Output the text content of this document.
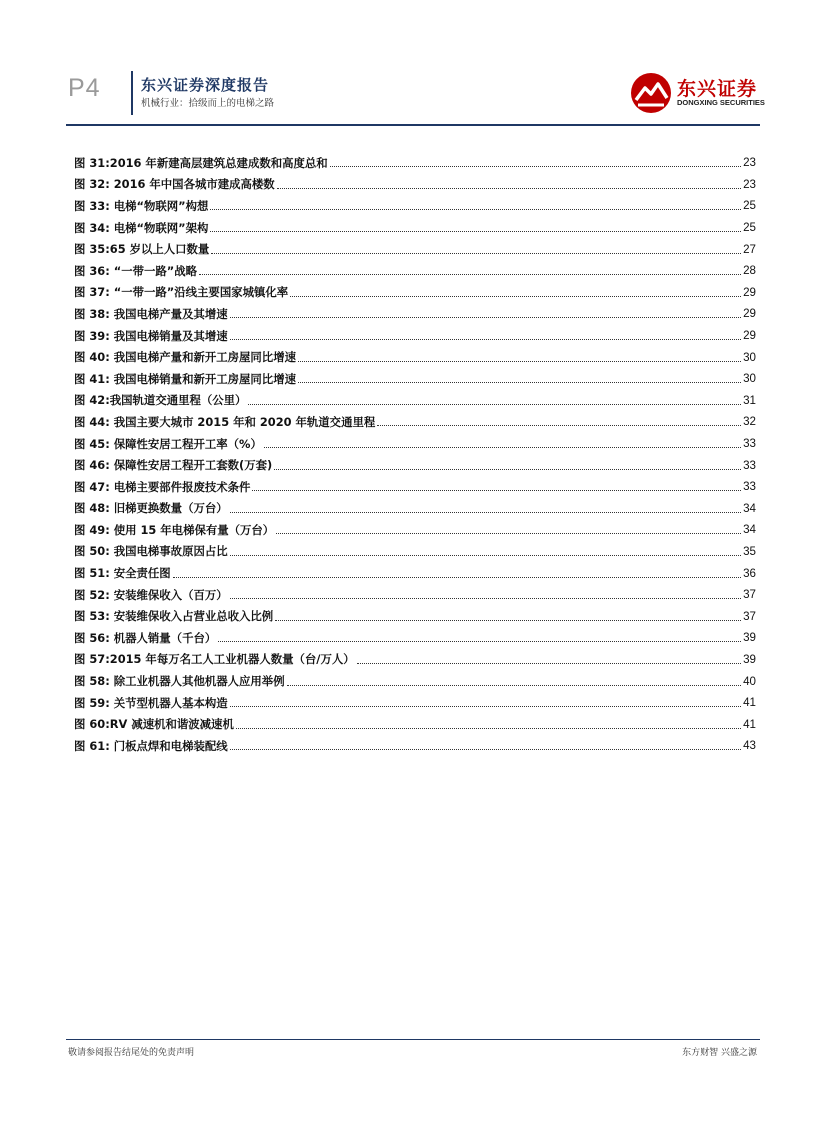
P4	东兴证券深度报告
机械行业：拾级而上的电梯之路
东兴证券
DONGXING SECURITIES
图 31:2016 年新建高层建筑总建成数和高度总和	23
图 32: 2016 年中国各城市建成高楼数	23
图 33: 电梯“物联网”构想	25
图 34: 电梯“物联网”架构	25
图 35:65 岁以上人口数量	27
图 36: “一带一路”战略	28
图 37: “一带一路”沿线主要国家城镇化率	29
图 38: 我国电梯产量及其增速	29
图 39: 我国电梯销量及其增速	29
图 40: 我国电梯产量和新开工房屋同比增速	30
图 41: 我国电梯销量和新开工房屋同比增速	30
图 42:我国轨道交通里程（公里）	31
图 44: 我国主要大城市 2015 年和 2020 年轨道交通里程	32
图 45: 保障性安居工程开工率（%）	33
图 46: 保障性安居工程开工套数(万套)	33
图 47: 电梯主要部件报废技术条件	33
图 48: 旧梯更换数量（万台）	34
图 49: 使用 15 年电梯保有量（万台）	34
图 50: 我国电梯事故原因占比	35
图 51: 安全责任图	36
图 52: 安装维保收入（百万）	37
图 53: 安装维保收入占营业总收入比例	37
图 56: 机器人销量（千台）	39
图 57:2015 年每万名工人工业机器人数量（台/万人）	39
图 58: 除工业机器人其他机器人应用举例	40
图 59: 关节型机器人基本构造	41
图 60:RV 减速机和谐波减速机	41
图 61: 门板点焊和电梯装配线	43
敬请参阅报告结尾处的免责声明	东方财智 兴盛之源
